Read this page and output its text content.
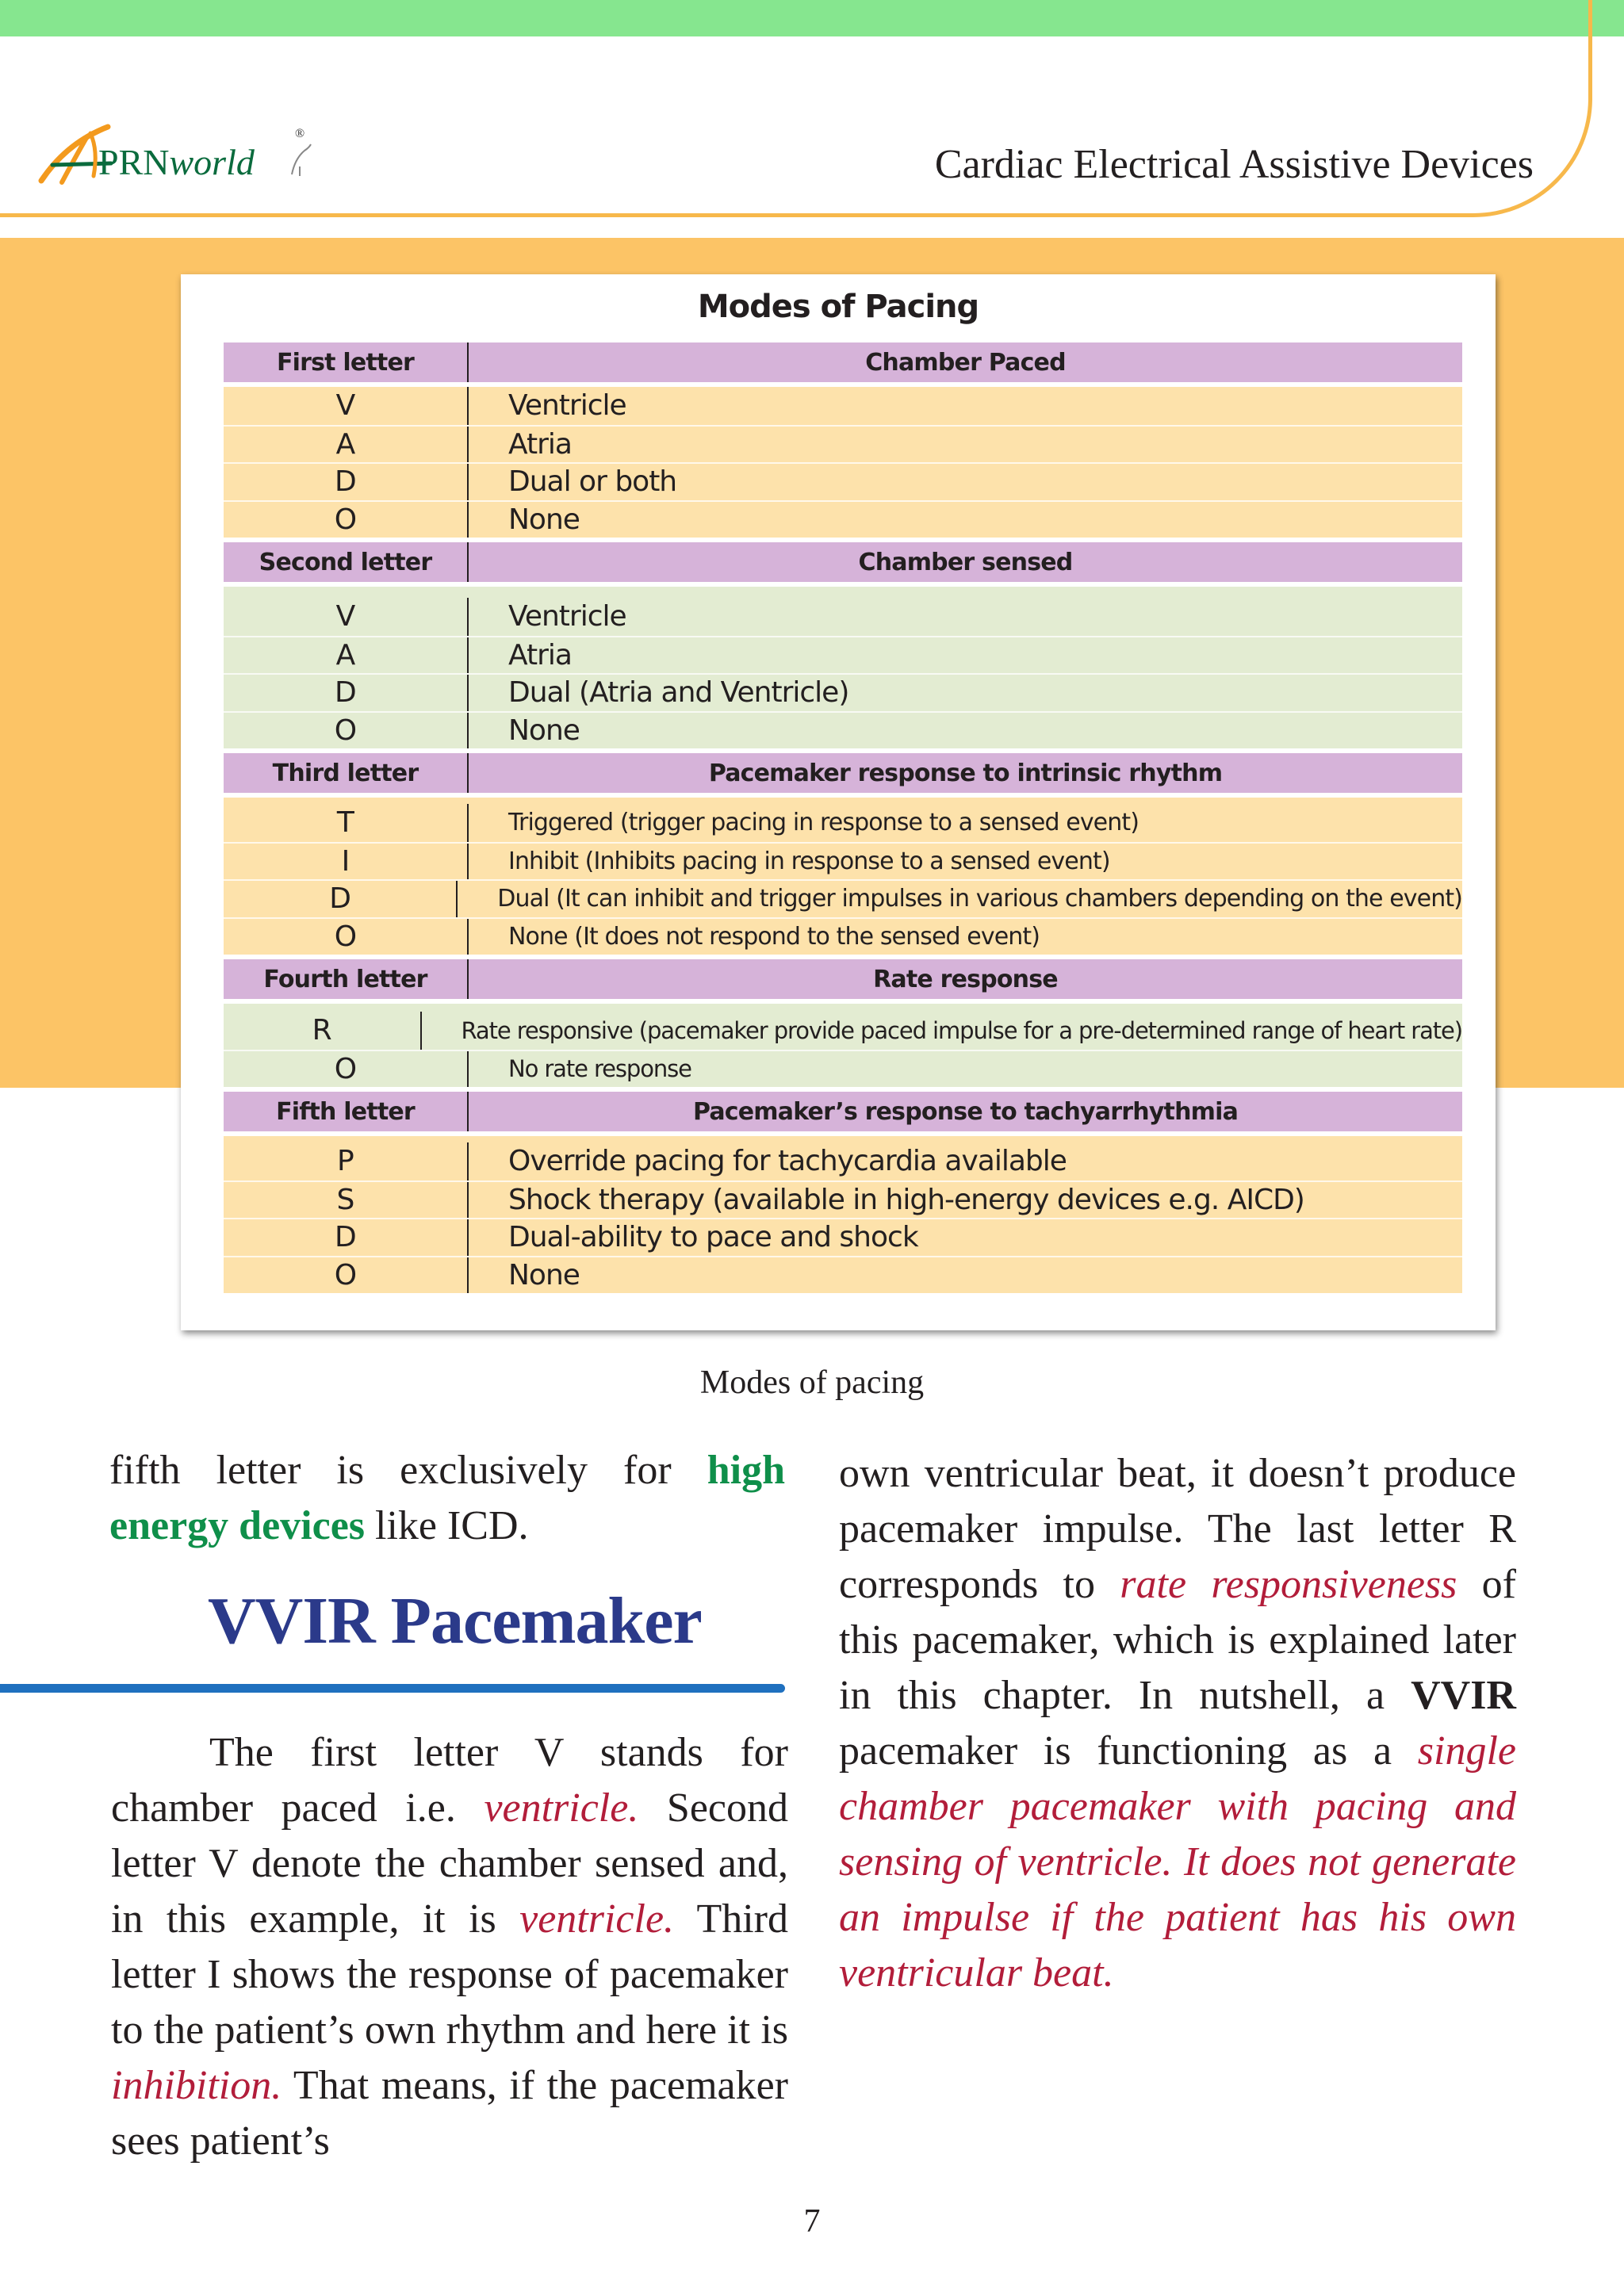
PRNworld
®
Cardiac Electrical Assistive Devices
Modes of Pacing
First letter	Chamber Paced
V	Ventricle
A	Atria
D	Dual or both
O	None
Second letter	Chamber sensed
V	Ventricle
A	Atria
D	Dual (Atria and Ventricle)
O	None
Third letter	Pacemaker response to intrinsic rhythm
T	Triggered (trigger pacing in response to a sensed event)
I	Inhibit (Inhibits pacing in response to a sensed event)
D	Dual (It can inhibit and trigger impulses in various chambers depending on the event)
O	None (It does not respond to the sensed event)
Fourth letter	Rate response
R	Rate responsive (pacemaker provide paced impulse for a pre-determined range of heart rate)
O	No rate response
Fifth letter	Pacemaker’s response to tachyarrhythmia
P	Override pacing for tachycardia available
S	Shock therapy (available in high-energy devices e.g. AICD)
D	Dual-ability to pace and shock
O	None
Modes of pacing

fifth letter is exclusively for high energy devices like ICD.

VVIR Pacemaker

The first letter V stands for chamber paced i.e. ventricle. Second letter V denote the chamber sensed and, in this example, it is ventricle. Third letter I shows the response of pacemaker to the patient’s own rhythm and here it is inhibition. That means, if the pacemaker sees patient’s

own ventricular beat, it doesn’t produce pacemaker impulse. The last letter R corresponds to rate responsiveness of this pacemaker, which is explained later in this chapter. In nutshell, a VVIR pacemaker is functioning as a single chamber pacemaker with pacing and sensing of ventricle. It does not generate an impulse if the patient has his own ventricular beat.

7
